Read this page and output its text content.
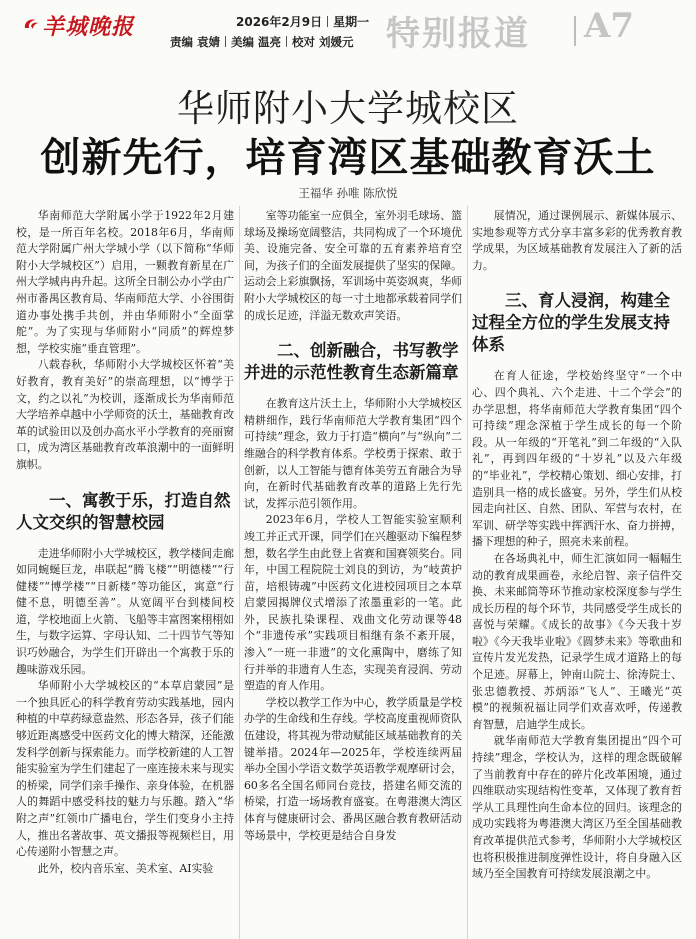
羊城晚报	2026年2月9日 星期一
责编 袁婧 美编 温亮 校对 刘媛元 特别报道 A7
华师附小大学城校区
创新先行，培育湾区基础教育沃土
王福华 孙唯 陈欣悦

华南师范大学附属小学于1922年2月建校，是一所百年名校。2018年6月，华南师范大学附属广州大学城小学（以下简称“华师附小大学城校区”）启用，一颗教育新星在广州大学城冉冉升起。这所全日制公办小学由广州市番禺区教育局、华南师范大学、小谷围街道办事处携手共创，并由华师附小“全面掌舵”。为了实现与华师附小“同质”的辉煌梦想，学校实施“垂直管理”。

八载春秋，华师附小大学城校区怀着“美好教育，教育美好”的崇高理想，以“博学于文，约之以礼”为校训，逐渐成长为华南师范大学培养卓越中小学师资的沃土，基础教育改革的试验田以及创办高水平小学教育的亮丽窗口，成为湾区基础教育改革浪潮中的一面鲜明旗帜。

一、寓教于乐，打造自然人文交织的智慧校园

走进华师附小大学城校区，教学楼间走廊如同蜿蜒巨龙，串联起“腾飞楼”“明德楼”“行健楼”“博学楼”“日新楼”等功能区，寓意“行健不息，明德至善”。从宽阔平台到楼间校道，学校地面上火箭、飞船等丰富图案栩栩如生，与数字运算、字母认知、二十四节气等知识巧妙融合，为学生们开辟出一个寓教于乐的趣味游戏乐园。

华师附小大学城校区的“本草启蒙园”是一个独具匠心的科学教育劳动实践基地，园内种植的中草药绿意盎然、形态各异，孩子们能够近距离感受中医药文化的博大精深，还能激发科学创新与探索能力。而学校新建的人工智能实验室为学生们建起了一座连接未来与现实的桥梁，同学们亲手操作、亲身体验，在机器人的舞蹈中感受科技的魅力与乐趣。踏入“华附之声”红领巾广播电台，学生们变身小主持人，推出名著故事、英文播报等视频栏目，用心传递附小智慧之声。

此外，校内音乐室、美术室、AI实验

室等功能室一应俱全，室外羽毛球场、篮球场及操场宽阔整洁，共同构成了一个环境优美、设施完备、安全可靠的五育素养培育空间，为孩子们的全面发展提供了坚实的保障。运动会上彩旗飘扬，军训场中英姿飒爽，华师附小大学城校区的每一寸土地都承载着同学们的成长足迹，洋溢无数欢声笑语。

二、创新融合，书写教学并进的示范性教育生态新篇章

在教育这片沃土上，华师附小大学城校区精耕细作，践行华南师范大学教育集团“四个可持续”理念，致力于打造“横向”与“纵向”二维融合的科学教育体系。学校勇于探索、敢于创新，以人工智能与德育体美劳五育融合为导向，在新时代基础教育改革的道路上先行先试，发挥示范引领作用。

2023年6月，学校人工智能实验室顺利竣工并正式开课，同学们在兴趣驱动下编程梦想，数名学生由此登上省赛和国赛领奖台。同年，中国工程院院士刘良的到访，为“岐黄护苗，培根铸魂”中医药文化进校园项目之本草启蒙园揭牌仪式增添了浓墨重彩的一笔。此外，民族扎染课程、戏曲文化劳动课等48个“非遗传承”实践项目相继有条不紊开展，渗入“一班一非遗”的文化熏陶中，磨练了知行并举的非遗育人生态，实现美育浸润、劳动塑造的育人作用。

学校以教学工作为中心，教学质量是学校办学的生命线和生存线。学校高度重视师资队伍建设，将其视为带动赋能区域基础教育的关键举措。2024年—2025年，学校连续两届举办全国小学语文数学英语教学观摩研讨会，60多名全国名师同台竞技，搭建名师交流的桥梁，打造一场场教育盛宴。在粤港澳大湾区体育与健康研讨会、番禺区融合教育教研活动等场景中，学校更是结合自身发

展情况，通过课例展示、新媒体展示、实地参观等方式分享丰富多彩的优秀教育教学成果，为区域基础教育发展注入了新的活力。

三、育人浸润，构建全过程全方位的学生发展支持体系

在育人征途，学校始终坚守“一个中心、四个典礼、六个走进、十二个学会”的办学思想，将华南师范大学教育集团“四个可持续”理念深植于学生成长的每一个阶段。从一年级的“开笔礼”到二年级的“入队礼”，再到四年级的“十岁礼”以及六年级的“毕业礼”，学校精心策划、细心安排，打造别具一格的成长盛宴。另外，学生们从校园走向社区、自然、团队、军营与农村，在军训、研学等实践中挥洒汗水、奋力拼搏，播下理想的种子，照亮未来前程。

在各场典礼中，师生汇演如同一幅幅生动的教育成果画卷，永纶启智、亲子信件交换、未来邮筒等环节推动家校深度参与学生成长历程的每个环节，共同感受学生成长的喜悦与荣耀。《成长的故事》《今天我十岁啦》《今天我毕业啦》《圆梦未来》等歌曲和宣传片发光发热，记录学生成才道路上的每个足迹。屏幕上，钟南山院士、徐涛院士、张忠德教授、苏炳添“飞人”、王曦光“英模”的视频祝福让同学们欢喜欢呼，传递教育智慧，启迪学生成长。

就华南师范大学教育集团提出“四个可持续”理念，学校认为，这样的理念既破解了当前教育中存在的碎片化改革困境，通过四维联动实现结构性变革，又体现了教育哲学从工具理性向生命本位的回归。该理念的成功实践将为粤港澳大湾区乃至全国基础教育改革提供范式参考，华师附小大学城校区也将积极推进制度弹性设计，将自身融入区域乃至全国教育可持续发展浪潮之中。
